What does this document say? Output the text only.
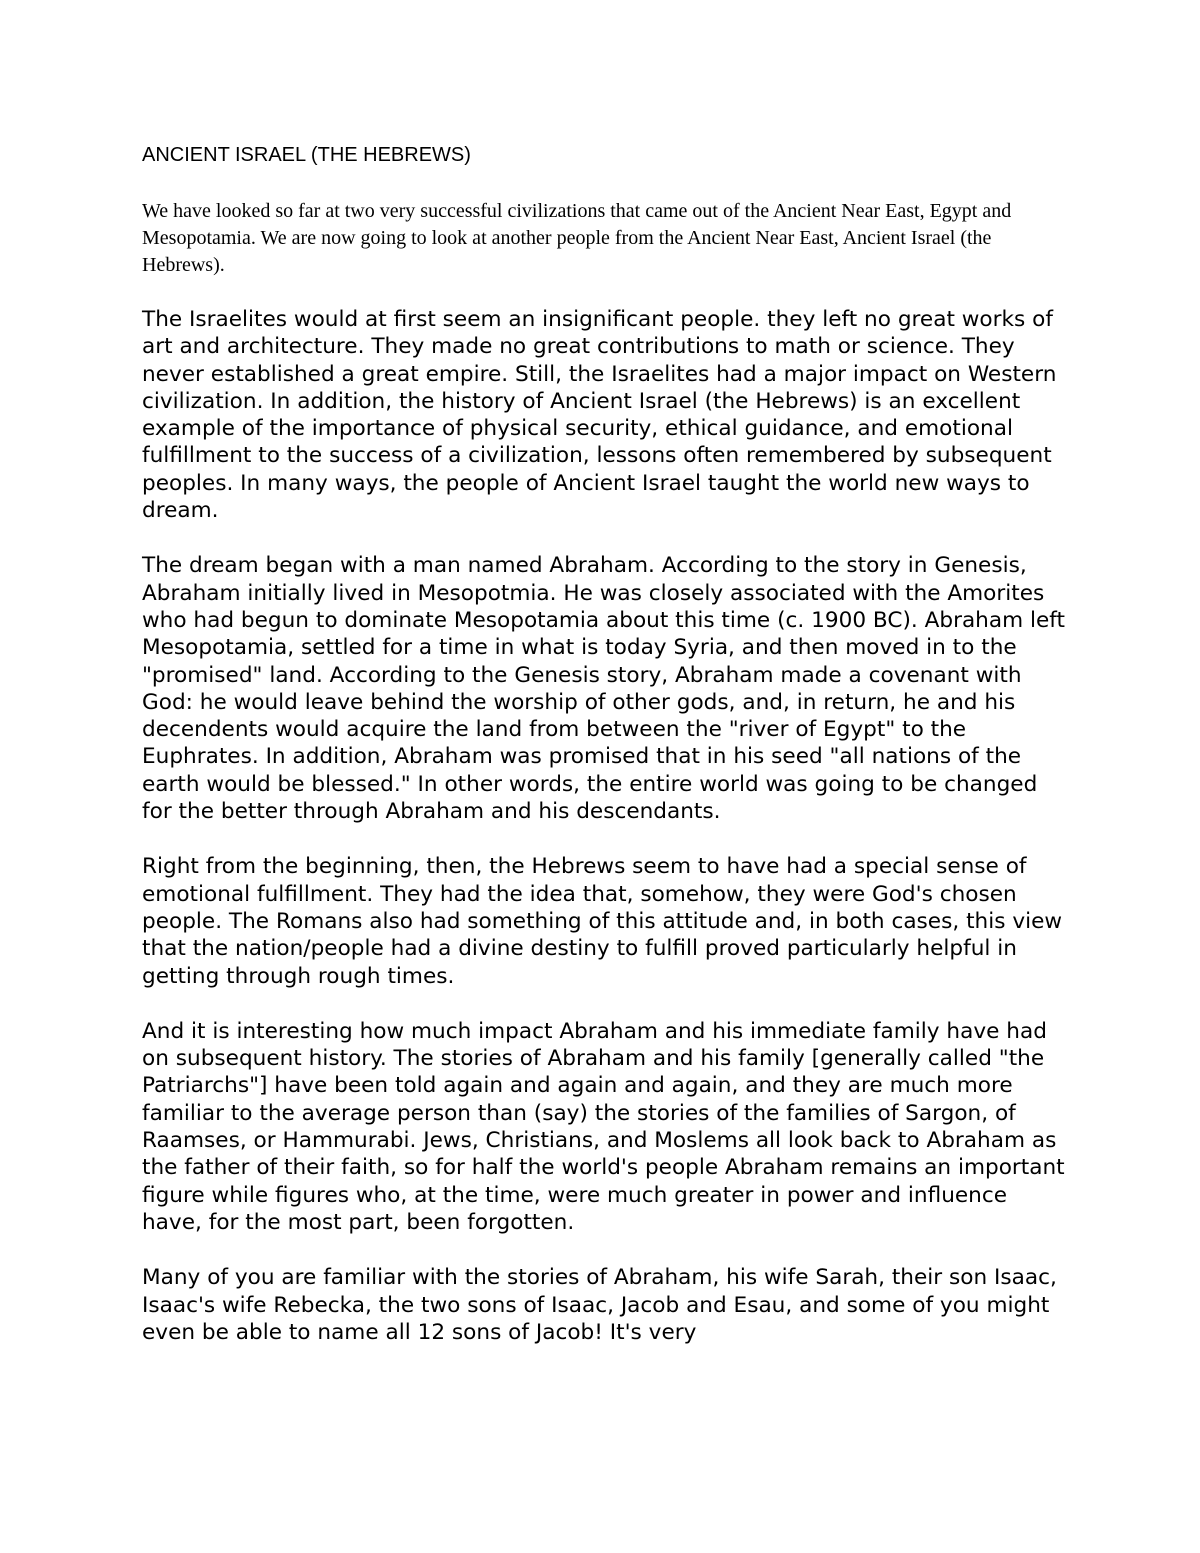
ANCIENT ISRAEL (THE HEBREWS)

We have looked so far at two very successful civilizations that came out of the Ancient Near East, Egypt and Mesopotamia. We are now going to look at another people from the Ancient Near East, Ancient Israel (the Hebrews).

The Israelites would at first seem an insignificant people. they left no great works of art and architecture. They made no great contributions to math or science. They never established a great empire. Still, the Israelites had a major impact on Western civilization. In addition, the history of Ancient Israel (the Hebrews) is an excellent example of the importance of physical security, ethical guidance, and emotional fulfillment to the success of a civilization, lessons often remembered by subsequent peoples. In many ways, the people of Ancient Israel taught the world new ways to dream.

The dream began with a man named Abraham. According to the story in Genesis, Abraham initially lived in Mesopotmia. He was closely associated with the Amorites who had begun to dominate Mesopotamia about this time (c. 1900 BC). Abraham left Mesopotamia, settled for a time in what is today Syria, and then moved in to the "promised" land. According to the Genesis story, Abraham made a covenant with God: he would leave behind the worship of other gods, and, in return, he and his decendents would acquire the land from between the "river of Egypt" to the Euphrates. In addition, Abraham was promised that in his seed "all nations of the earth would be blessed." In other words, the entire world was going to be changed for the better through Abraham and his descendants.

Right from the beginning, then, the Hebrews seem to have had a special sense of emotional fulfillment. They had the idea that, somehow, they were God's chosen people. The Romans also had something of this attitude and, in both cases, this view that the nation/people had a divine destiny to fulfill proved particularly helpful in getting through rough times.

And it is interesting how much impact Abraham and his immediate family have had on subsequent history. The stories of Abraham and his family [generally called "the Patriarchs"] have been told again and again and again, and they are much more familiar to the average person than (say) the stories of the families of Sargon, of Raamses, or Hammurabi. Jews, Christians, and Moslems all look back to Abraham as the father of their faith, so for half the world's people Abraham remains an important figure while figures who, at the time, were much greater in power and influence have, for the most part, been forgotten.

Many of you are familiar with the stories of Abraham, his wife Sarah, their son Isaac, Isaac's wife Rebecka, the two sons of Isaac, Jacob and Esau, and some of you might even be able to name all 12 sons of Jacob! It's very
